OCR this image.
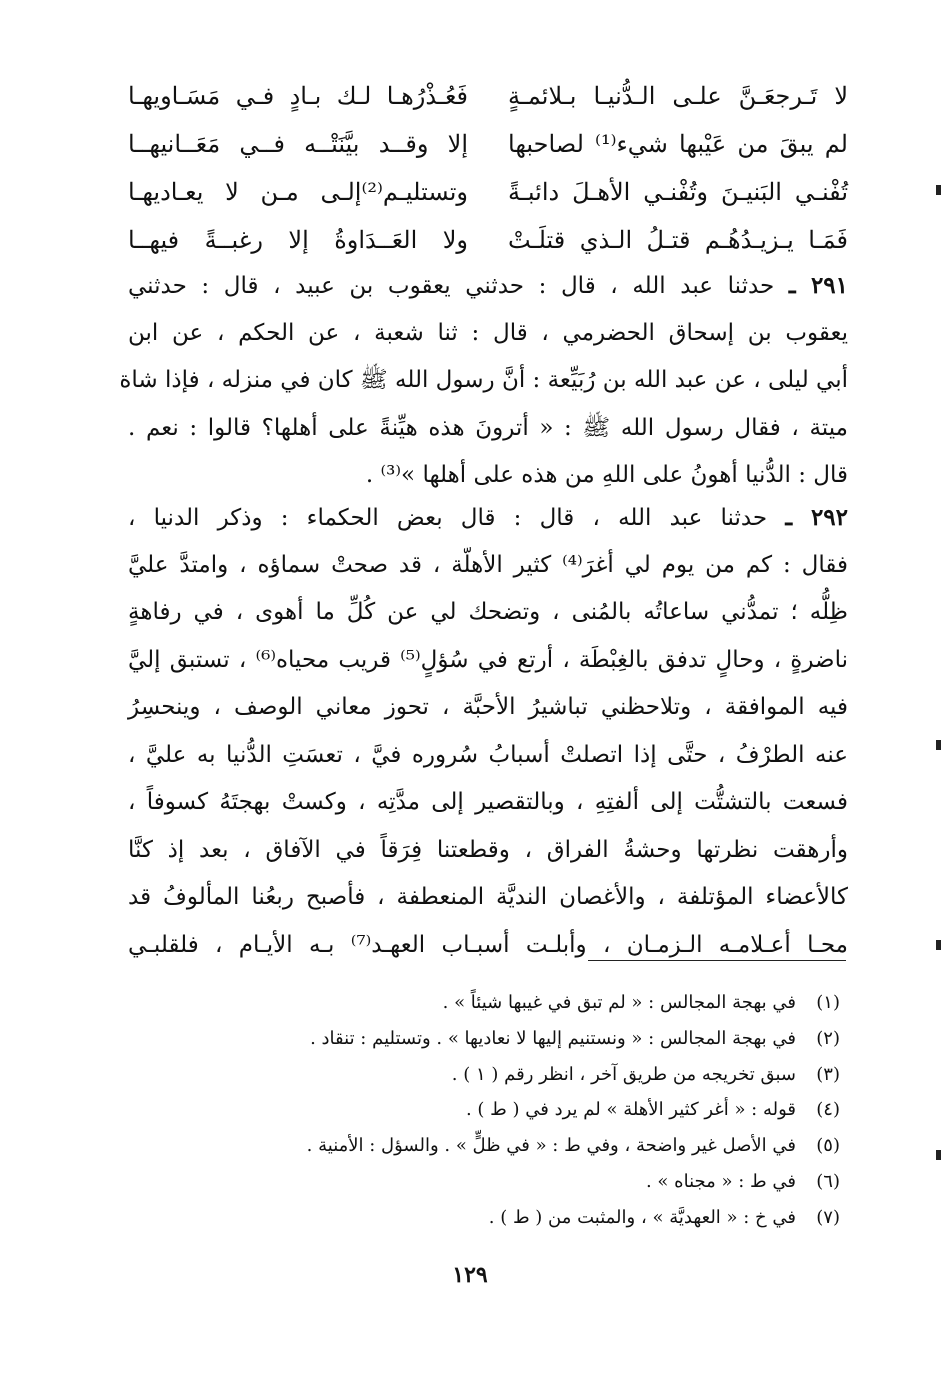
لا تَـرجعَـنَّ علـى الـدُّنيـا بـلائمـةٍ
فَعُـذْرُهـا لـك بـادٍ فـي مَسَـاويهـا
لم يبقَ من عَيْبها شيء⁽¹⁾ لصاحبها
إلا وقــد بيَّنَتْــه فــي مَعَــانيهــا
تُفْنـي البَنيـنَ وتُفْنـي الأهـلَ دائبـةً
وتستليـم⁽²⁾إلـى مـن لا يعـاديهـا
فَمَـا يـزيـدُهُـم قتـلُ الـذي قتلَـتْ
ولا العَــدَاوةُ إلا رغبــةً فيهــا
٢٩١ ـ حدثنا عبد الله ، قال : حدثني يعقوب بن عبيد ، قال : حدثني
يعقوب بن إسحاق الحضرمي ، قال : ثنا شعبة ، عن الحكم ، عن ابن
أبي ليلى ، عن عبد الله بن رُبَيِّعة : أنَّ رسول الله ﷺ كان في منزله ، فإذا شاة
ميتة ، فقال رسول الله ﷺ : « أترونَ هذه هيِّنةً على أهلها؟ قالوا : نعم .
قال : الدُّنيا أهونُ على اللهِ من هذه على أهلها »⁽³⁾ .
٢٩٢ ـ حدثنا عبد الله ، قال : قال بعض الحكماء : وذكر الدنيا ،
فقال : كم من يوم لي أغرَ⁽⁴⁾ كثير الأهلّة ، قد صحتْ سماؤه ، وامتدَّ عليَّ
ظِلُّه ؛ تمدُّني ساعاتُه بالمُنى ، وتضحك لي عن كُلِّ ما أهوى ، في رفاهةٍ
ناضرةٍ ، وحالٍ تدفق بالغِبْطَة ، أرتع في سُؤلٍ⁽⁵⁾ قريب محياه⁽⁶⁾ ، تستبق إليَّ
فيه الموافقة ، وتلاحظني تباشيرُ الأحبَّة ، تحوز معاني الوصف ، وينحسِرُ
عنه الطرْفُ ، حتَّى إذا اتصلتْ أسبابُ سُروره فيَّ ، تعسَتِ الدُّنيا به عليَّ ،
فسعت بالتشتُّت إلى ألفتِهِ ، وبالتقصير إلى مدَّتِه ، وكستْ بهجتَهُ كسوفاً ،
وأرهقت نظرتها وحشةُ الفراق ، وقطعتنا فِرَقاً في الآفاق ، بعد إذ كنَّا
كالأعضاء المؤتلفة ، والأغصان النديَّة المنعطفة ، فأصبح ربعُنا المألوفُ قد
محـا أعـلامـه الـزمـان ، وأبلـت أسبـاب العهـد⁽⁷⁾ بـه الأيـام ، فلقلبـي
(١)في بهجة المجالس : « لم تبق في غيبها شيئاً » .
(٢)في بهجة المجالس : « ونستنيم إليها لا نعاديها » . وتستليم : تنقاد .
(٣)سبق تخريجه من طريق آخر ، انظر رقم ( ١ ) .
(٤)قوله : « أغر كثير الأهلة » لم يرد في ( ط ) .
(٥)في الأصل غير واضحة ، وفي ط : « في ظلٍّ » . والسؤل : الأمنية .
(٦)في ط : « مجناه » .
(٧)في خ : « العهديَّة » ، والمثبت من ( ط ) .
١٢٩
